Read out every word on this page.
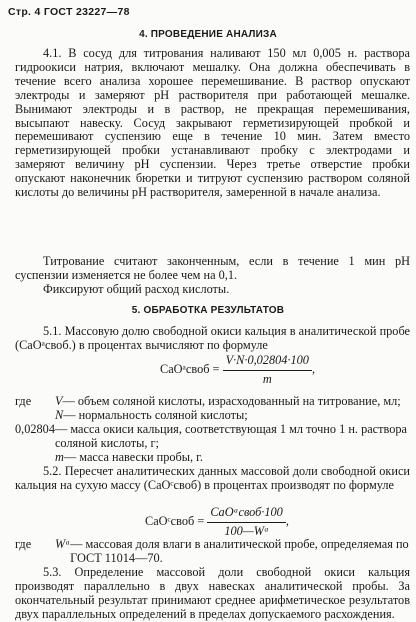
Стр. 4 ГОСТ 23227—78
4. ПРОВЕДЕНИЕ АНАЛИЗА
4.1. В сосуд для титрования наливают 150 мл 0,005 н. раствора гидроокиси натрия, включают мешалку. Она должна обеспечивать в течение всего анализа хорошее перемешивание. В раствор опускают электроды и замеряют pH растворителя при работающей мешалке. Вынимают электроды и в раствор, не прекращая перемешивания, высыпают навеску. Сосуд закрывают герметизирующей пробкой и перемешивают суспензию еще в течение 10 мин. Затем вместо герметизирующей пробки устанавливают пробку с электродами и замеряют величину pH суспензии. Через третье отверстие пробки опускают наконечник бюретки и титруют суспензию раствором соляной кислоты до величины pH растворителя, замеренной в начале анализа.
Титрование считают законченным, если в течение 1 мин pH суспензии изменяется не более чем на 0,1.
Фиксируют общий расход кислоты.
5. ОБРАБОТКА РЕЗУЛЬТАТОВ
5.1. Массовую долю свободной окиси кальция в аналитической пробе (CaOᵃсвоб.) в процентах вычисляют по формуле
CaOᵃсвоб = $\frac{V\cdot N\cdot 0,02804\cdot 100}{m}$ ,
где	V — объем соляной кислоты, израсходованный на титрование, мл;
N — нормальность соляной кислоты;
0,02804 — масса окиси кальция, соответствующая 1 мл точно 1 н. раствора соляной кислоты, г;
m — масса навески пробы, г.
5.2. Пересчет аналитических данных массовой доли свободной окиси кальция на сухую массу (CaOᶜсвоб) в процентах производят по формуле
CaOᶜсвоб = $\frac{\text{CaOᵃсвоб·100}}{\text{100—Wᵃ}}$ ,
где	Wᵃ — массовая доля влаги в аналитической пробе, определяемая по ГОСТ 11014—70.
5.3. Определение массовой доли свободной окиси кальция производят параллельно в двух навесках аналитической пробы. За окончательный результат принимают среднее арифметическое результатов двух параллельных определений в пределах допускаемого расхождения.
